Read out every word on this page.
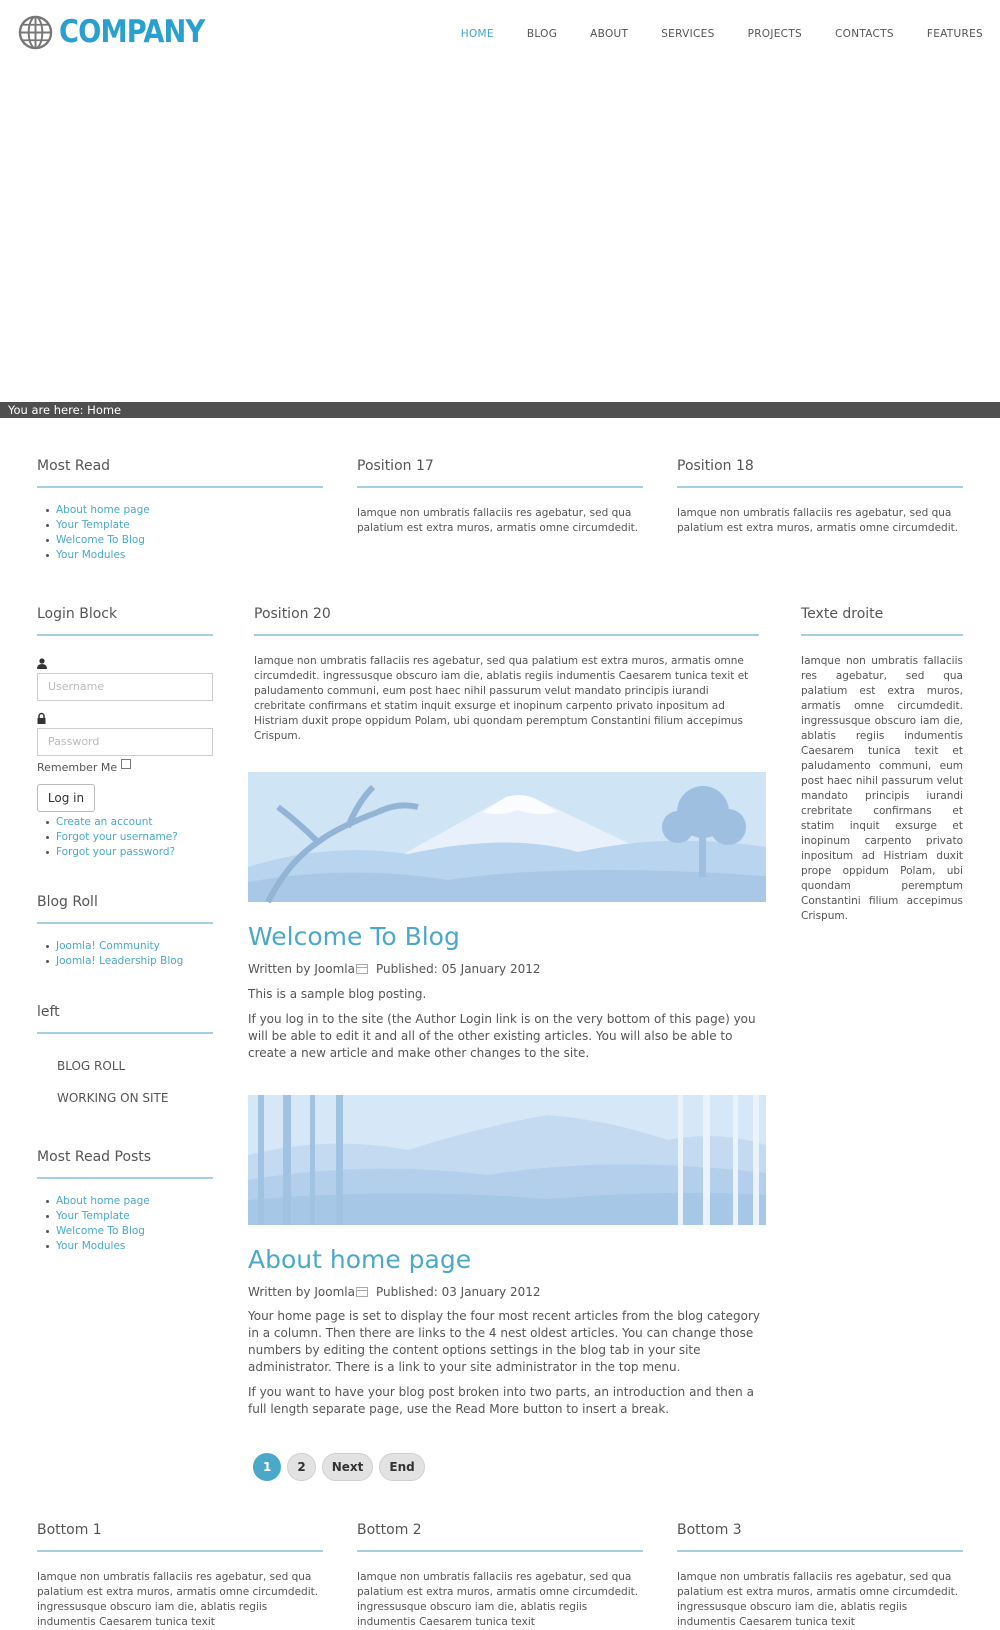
COMPANY	HOME	BLOG	ABOUT	SERVICES	PROJECTS	CONTACTS	FEATURES
You are here: Home
Most Read
About home page
Your Template
Welcome To Blog
Your Modules
Position 17
Iamque non umbratis fallaciis res agebatur, sed qua palatium est extra muros, armatis omne circumdedit.
Position 18
Iamque non umbratis fallaciis res agebatur, sed qua palatium est extra muros, armatis omne circumdedit.
Login Block
Username
Password
Remember Me
Log in
Create an account
Forgot your username?
Forgot your password?
Blog Roll
Joomla! Community
Joomla! Leadership Blog
left
BLOG ROLL
WORKING ON SITE
Most Read Posts
About home page
Your Template
Welcome To Blog
Your Modules
Position 20
Iamque non umbratis fallaciis res agebatur, sed qua palatium est extra muros, armatis omne circumdedit. ingressusque obscuro iam die, ablatis regiis indumentis Caesarem tunica texit et paludamento communi, eum post haec nihil passurum velut mandato principis iurandi crebritate confirmans et statim inquit exsurge et inopinum carpento privato inpositum ad Histriam duxit prope oppidum Polam, ubi quondam peremptum Constantini filium accepimus Crispum.
Texte droite
Iamque non umbratis fallaciis res agebatur, sed qua palatium est extra muros, armatis omne circumdedit. ingressusque obscuro iam die, ablatis regiis indumentis Caesarem tunica texit et paludamento communi, eum post haec nihil passurum velut mandato principis iurandi crebritate confirmans et statim inquit exsurge et inopinum carpento privato inpositum ad Histriam duxit prope oppidum Polam, ubi quondam peremptum Constantini filium accepimus Crispum.
Welcome To Blog
Written by Joomla Published: 05 January 2012

This is a sample blog posting.

If you log in to the site (the Author Login link is on the very bottom of this page) you will be able to edit it and all of the other existing articles. You will also be able to create a new article and make other changes to the site.

About home page
Written by Joomla Published: 03 January 2012

Your home page is set to display the four most recent articles from the blog category in a column. Then there are links to the 4 nest oldest articles. You can change those numbers by editing the content options settings in the blog tab in your site administrator. There is a link to your site administrator in the top menu.

If you want to have your blog post broken into two parts, an introduction and then a full length separate page, use the Read More button to insert a break.

1	2	Next	End
Bottom 1
Iamque non umbratis fallaciis res agebatur, sed qua palatium est extra muros, armatis omne circumdedit. ingressusque obscuro iam die, ablatis regiis indumentis Caesarem tunica texit
Bottom 2
Iamque non umbratis fallaciis res agebatur, sed qua palatium est extra muros, armatis omne circumdedit. ingressusque obscuro iam die, ablatis regiis indumentis Caesarem tunica texit
Bottom 3
Iamque non umbratis fallaciis res agebatur, sed qua palatium est extra muros, armatis omne circumdedit. ingressusque obscuro iam die, ablatis regiis indumentis Caesarem tunica texit
